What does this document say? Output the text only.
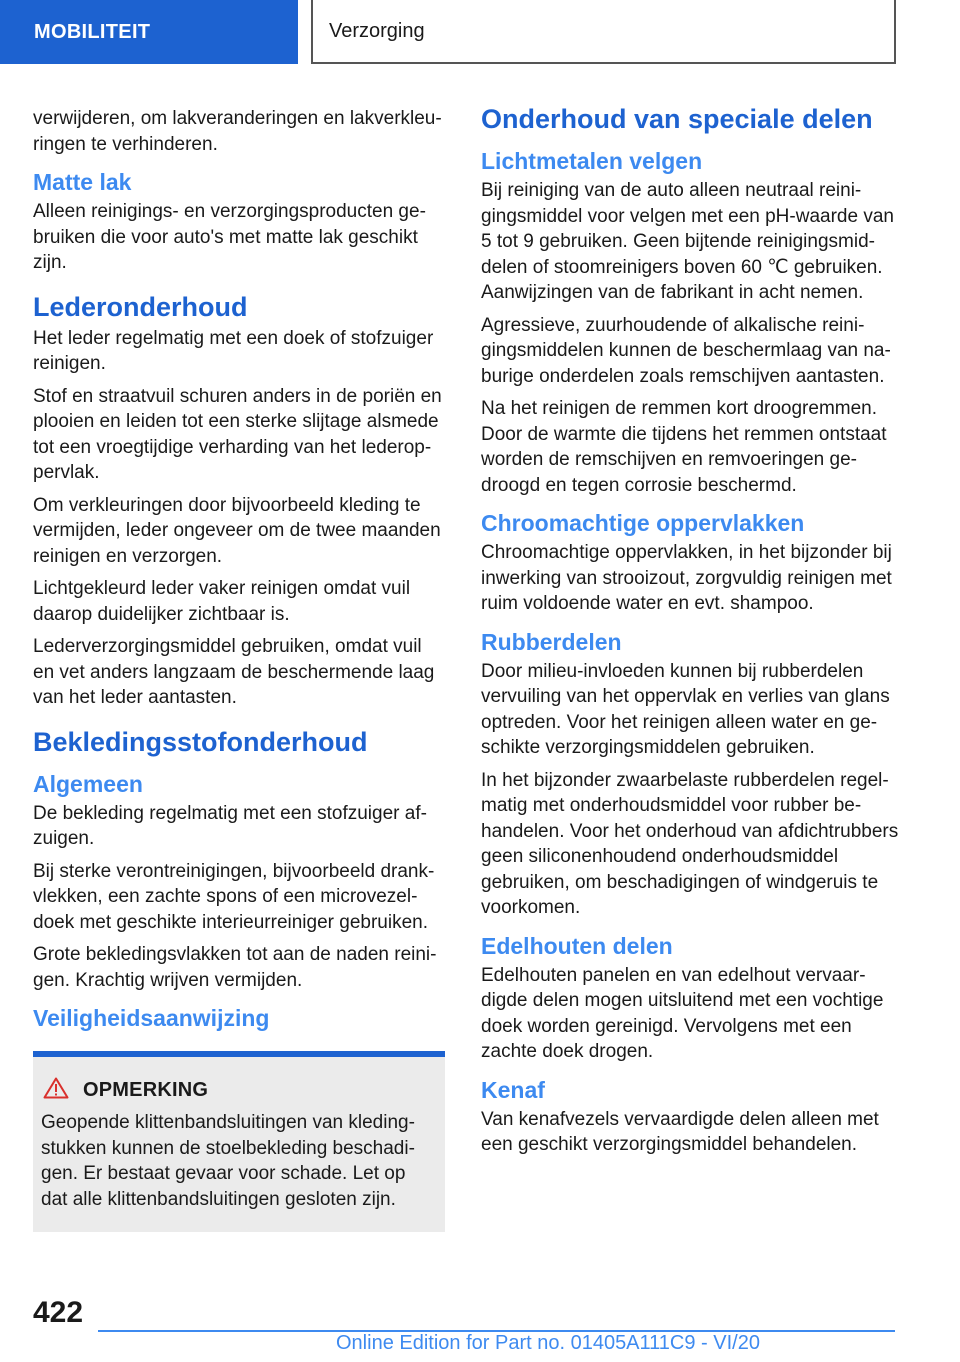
MOBILITEIT	Verzorging

verwijderen, om lakveranderingen en lakverkleuringen te verhinderen.

Matte lak

Alleen reinigings- en verzorgingsproducten gebruiken die voor auto's met matte lak geschikt zijn.

Lederonderhoud

Het leder regelmatig met een doek of stofzuiger reinigen.

Stof en straatvuil schuren anders in de poriën en plooien en leiden tot een sterke slijtage alsmede tot een vroegtijdige verharding van het lederoppervlak.

Om verkleuringen door bijvoorbeeld kleding te vermijden, leder ongeveer om de twee maanden reinigen en verzorgen.

Lichtgekleurd leder vaker reinigen omdat vuil daarop duidelijker zichtbaar is.

Lederverzorgingsmiddel gebruiken, omdat vuil en vet anders langzaam de beschermende laag van het leder aantasten.

Bekledingsstofonderhoud
Algemeen

De bekleding regelmatig met een stofzuiger afzuigen.

Bij sterke verontreinigingen, bijvoorbeeld drankvlekken, een zachte spons of een microvezeldoek met geschikte interieurreiniger gebruiken.

Grote bekledingsvlakken tot aan de naden reinigen. Krachtig wrijven vermijden.

Veiligheidsaanwijzing
OPMERKING

Geopende klittenbandsluitingen van kledingstukken kunnen de stoelbekleding beschadigen. Er bestaat gevaar voor schade. Let op dat alle klittenbandsluitingen gesloten zijn.

Onderhoud van speciale delen
Lichtmetalen velgen

Bij reiniging van de auto alleen neutraal reinigingsmiddel voor velgen met een pH-waarde van 5 tot 9 gebruiken. Geen bijtende reinigingsmiddelen of stoomreinigers boven 60 ℃ gebruiken. Aanwijzingen van de fabrikant in acht nemen.

Agressieve, zuurhoudende of alkalische reinigingsmiddelen kunnen de beschermlaag van naburige onderdelen zoals remschijven aantasten.

Na het reinigen de remmen kort droogremmen. Door de warmte die tijdens het remmen ontstaat worden de remschijven en remvoeringen gedroogd en tegen corrosie beschermd.

Chroomachtige oppervlakken

Chroomachtige oppervlakken, in het bijzonder bij inwerking van strooizout, zorgvuldig reinigen met ruim voldoende water en evt. shampoo.

Rubberdelen

Door milieu-invloeden kunnen bij rubberdelen vervuiling van het oppervlak en verlies van glans optreden. Voor het reinigen alleen water en geschikte verzorgingsmiddelen gebruiken.

In het bijzonder zwaarbelaste rubberdelen regelmatig met onderhoudsmiddel voor rubber behandelen. Voor het onderhoud van afdichtrubbers geen siliconenhoudend onderhoudsmiddel gebruiken, om beschadigingen of windgeruis te voorkomen.

Edelhouten delen

Edelhouten panelen en van edelhout vervaardigde delen mogen uitsluitend met een vochtige doek worden gereinigd. Vervolgens met een zachte doek drogen.

Kenaf

Van kenafvezels vervaardigde delen alleen met een geschikt verzorgingsmiddel behandelen.

422
Online Edition for Part no. 01405A111C9 - VI/20
